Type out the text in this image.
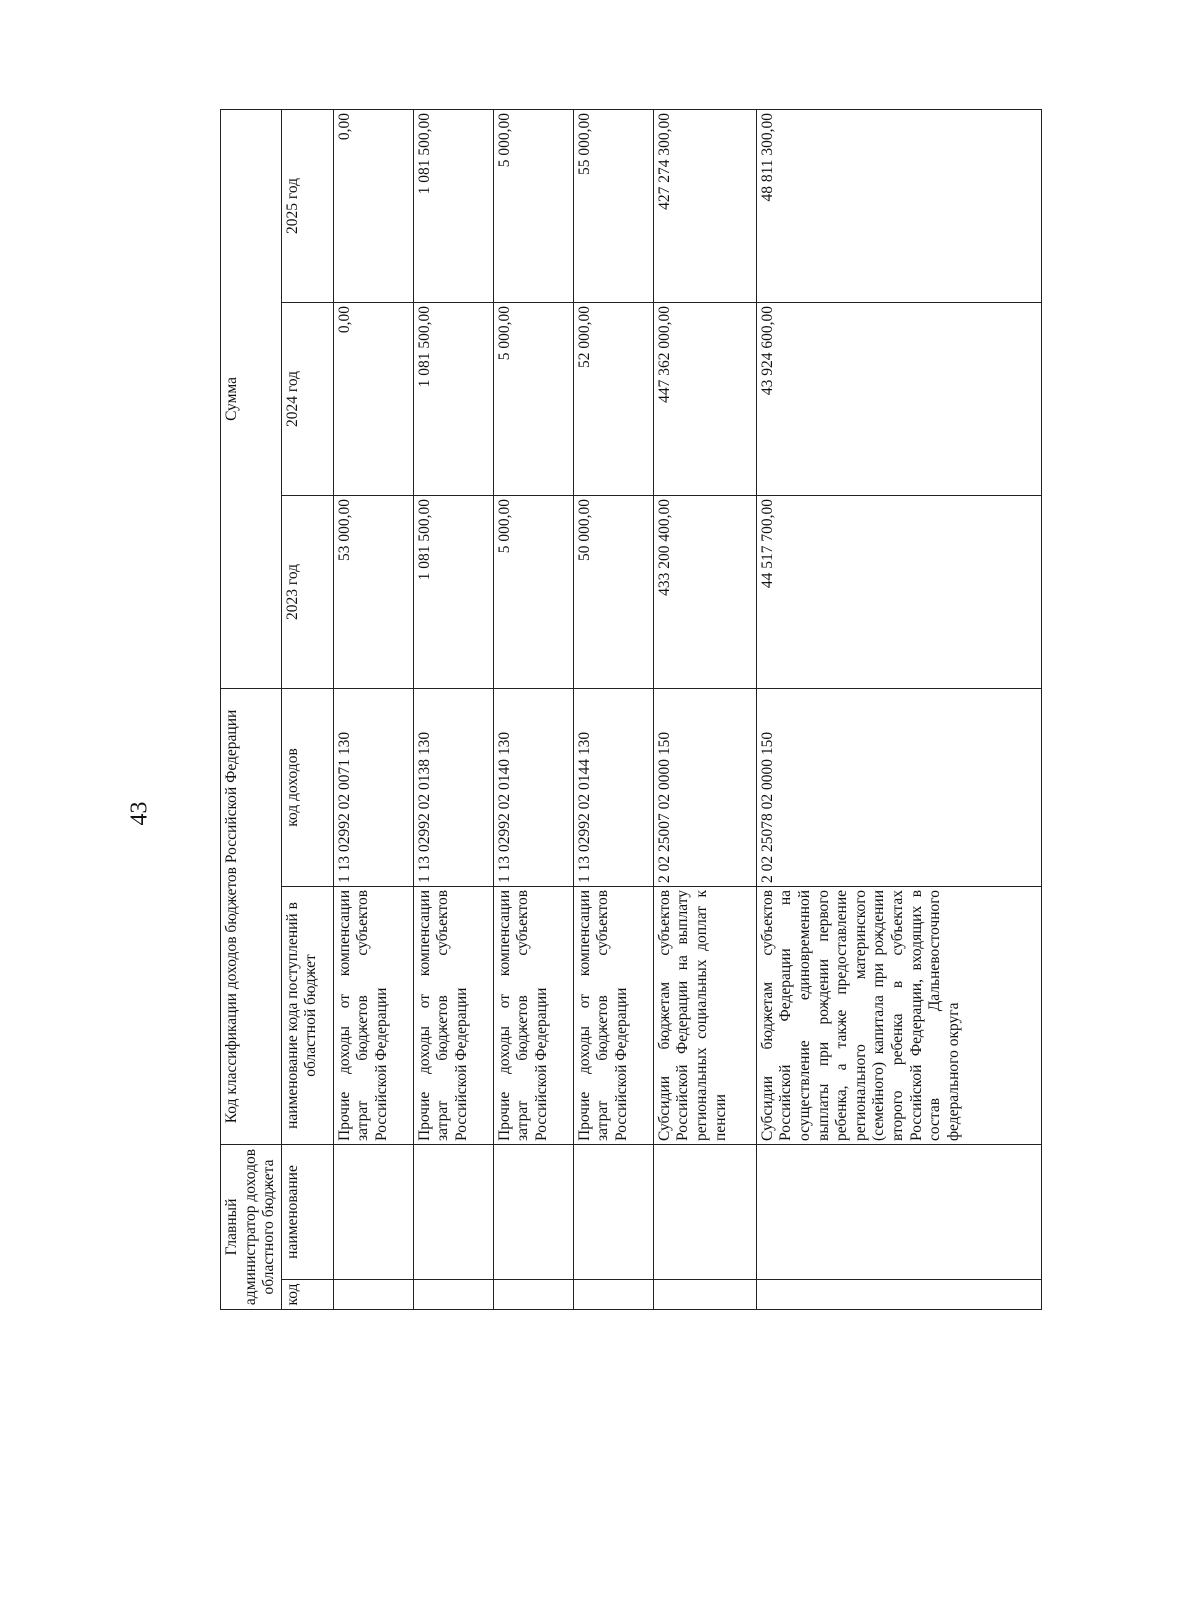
43
Главный администратор доходов областного бюджета		Код классификации доходов бюджетов Российской Федерации		Сумма		
код	наименование	наименование кода поступлений в областной бюджет	код доходов	2023 год	2024 год	2025 год
		Прочие доходы от компенсации затрат бюджетов субъектов Российской Федерации	1 13 02992 02 0071 130	53 000,00	0,00	0,00
		Прочие доходы от компенсации затрат бюджетов субъектов Российской Федерации	1 13 02992 02 0138 130	1 081 500,00	1 081 500,00	1 081 500,00
		Прочие доходы от компенсации затрат бюджетов субъектов Российской Федерации	1 13 02992 02 0140 130	5 000,00	5 000,00	5 000,00
		Прочие доходы от компенсации затрат бюджетов субъектов Российской Федерации	1 13 02992 02 0144 130	50 000,00	52 000,00	55 000,00
		Субсидии бюджетам субъектов Российской Федерации на выплату региональных социальных доплат к пенсии	2 02 25007 02 0000 150	433 200 400,00	447 362 000,00	427 274 300,00
		Субсидии бюджетам субъектов Российской Федерации на осуществление единовременной выплаты при рождении первого ребенка, а также предоставление регионального материнского (семейного) капитала при рождении второго ребенка в субъектах Российской Федерации, входящих в состав Дальневосточного федерального округа	2 02 25078 02 0000 150	44 517 700,00	43 924 600,00	48 811 300,00
